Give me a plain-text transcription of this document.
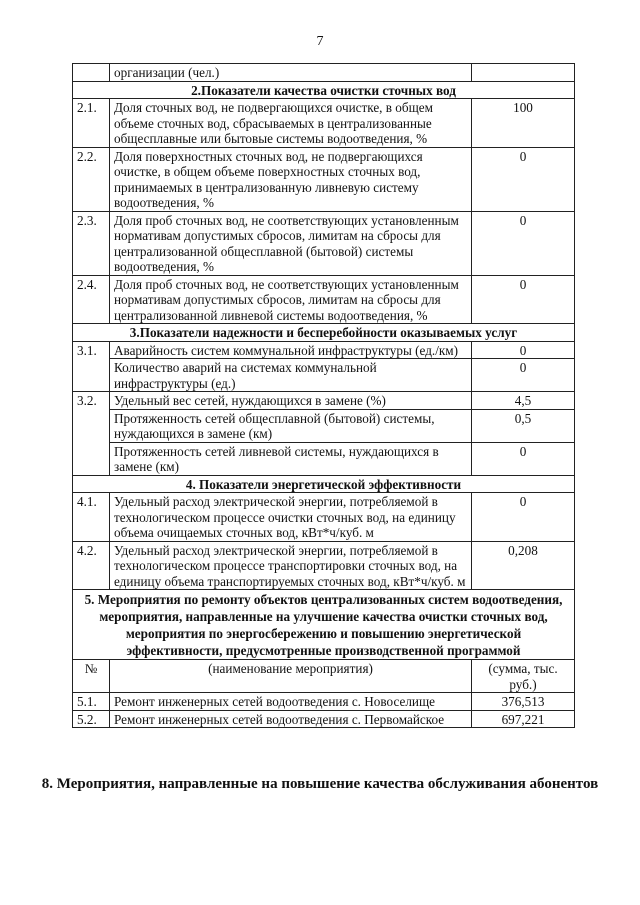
7
	организации (чел.)	
2.Показатели качества очистки сточных вод		
2.1.	Доля сточных вод, не подвергающихся очистке, в общем объеме сточных вод, сбрасываемых в централизованные общесплавные или бытовые системы водоотведения, %	100
2.2.	Доля поверхностных сточных вод, не подвергающихся очистке, в общем объеме поверхностных сточных вод, принимаемых в централизованную ливневую систему водоотведения, %	0
2.3.	Доля проб сточных вод, не соответствующих установленным нормативам допустимых сбросов, лимитам на сбросы для централизованной общесплавной (бытовой) системы водоотведения, %	0
2.4.	Доля проб сточных вод, не соответствующих установленным нормативам допустимых сбросов, лимитам на сбросы для централизованной ливневой системы водоотведения, %	0
3.Показатели надежности и бесперебойности оказываемых услуг		
3.1.	Аварийность систем коммунальной инфраструктуры (ед./км)	0
	Количество аварий на системах коммунальной инфраструктуры (ед.)	0
3.2.	Удельный вес сетей, нуждающихся в замене (%)	4,5
	Протяженность сетей общесплавной (бытовой) системы, нуждающихся в замене (км)	0,5
	Протяженность сетей ливневой системы, нуждающихся в замене (км)	0
4. Показатели энергетической эффективности		
4.1.	Удельный расход электрической энергии, потребляемой в технологическом процессе очистки сточных вод, на единицу объема очищаемых сточных вод, кВт*ч/куб. м	0
4.2.	Удельный расход электрической энергии, потребляемой в технологическом процессе транспортировки сточных вод, на единицу объема транспортируемых сточных вод, кВт*ч/куб. м	0,208
5. Мероприятия по ремонту объектов централизованных систем водоотведения, мероприятия, направленные на улучшение качества очистки сточных вод, мероприятия по энергосбережению и повышению энергетической эффективности, предусмотренные производственной программой		
№	(наименование мероприятия)	(сумма, тыс. руб.)
5.1.	Ремонт инженерных сетей водоотведения с. Новоселище	376,513
5.2.	Ремонт инженерных сетей водоотведения с. Первомайское	697,221
8. Мероприятия, направленные на повышение качества обслуживания абонентов
